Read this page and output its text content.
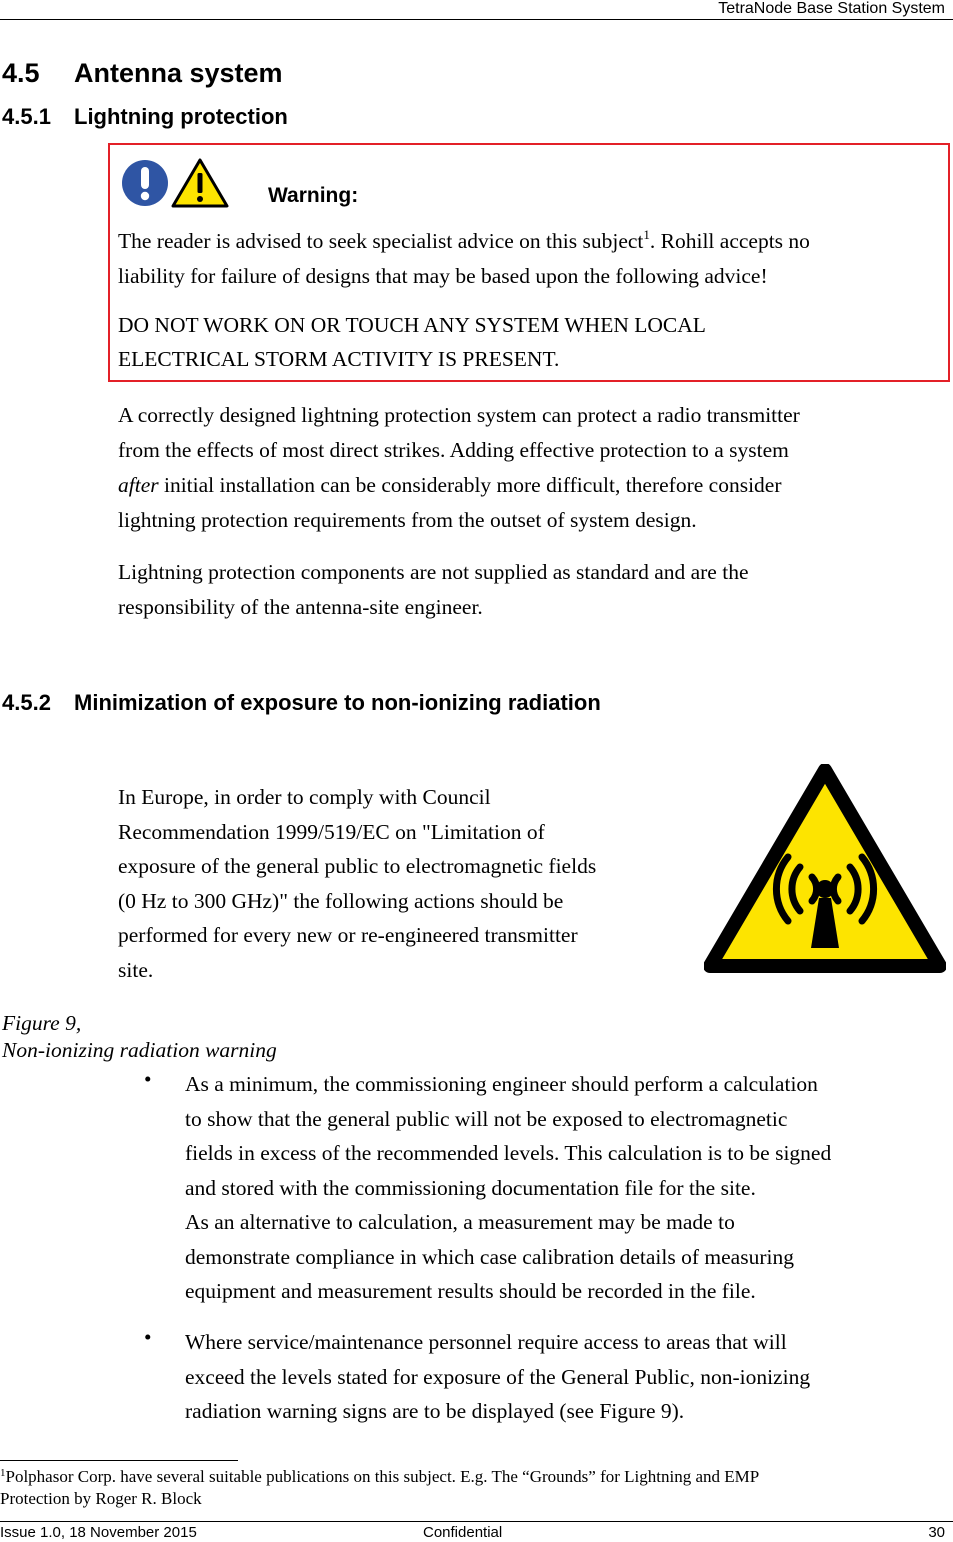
TetraNode Base Station System
4.5 Antenna system
4.5.1 Lightning protection
Warning:
The reader is advised to seek specialist advice on this subject$^1$. Rohill accepts no
liability for failure of designs that may be based upon the following advice!
DO NOT WORK ON OR TOUCH ANY SYSTEM WHEN LOCAL
ELECTRICAL STORM ACTIVITY IS PRESENT.
A correctly designed lightning protection system can protect a radio transmitter
from the effects of most direct strikes. Adding effective protection to a system
after initial installation can be considerably more difficult, therefore consider
lightning protection requirements from the outset of system design.
Lightning protection components are not supplied as standard and are the
responsibility of the antenna-site engineer.
4.5.2 Minimization of exposure to non-ionizing radiation
In Europe, in order to comply with Council
Recommendation 1999/519/EC on "Limitation of
exposure of the general public to electromagnetic fields
(0 Hz to 300 GHz)" the following actions should be
performed for every new or re-engineered transmitter
site.
Figure 9,
Non-ionizing radiation warning
• As a minimum, the commissioning engineer should perform a calculation
to show that the general public will not be exposed to electromagnetic
fields in excess of the recommended levels. This calculation is to be signed
and stored with the commissioning documentation file for the site.
As an alternative to calculation, a measurement may be made to
demonstrate compliance in which case calibration details of measuring
equipment and measurement results should be recorded in the file.
• Where service/maintenance personnel require access to areas that will
exceed the levels stated for exposure of the General Public, non-ionizing
radiation warning signs are to be displayed (see Figure 9).
$^1$Polphasor Corp. have several suitable publications on this subject. E.g. The “Grounds” for Lightning and EMP
Protection by Roger R. Block
Issue 1.0, 18 November 2015	Confidential	30
